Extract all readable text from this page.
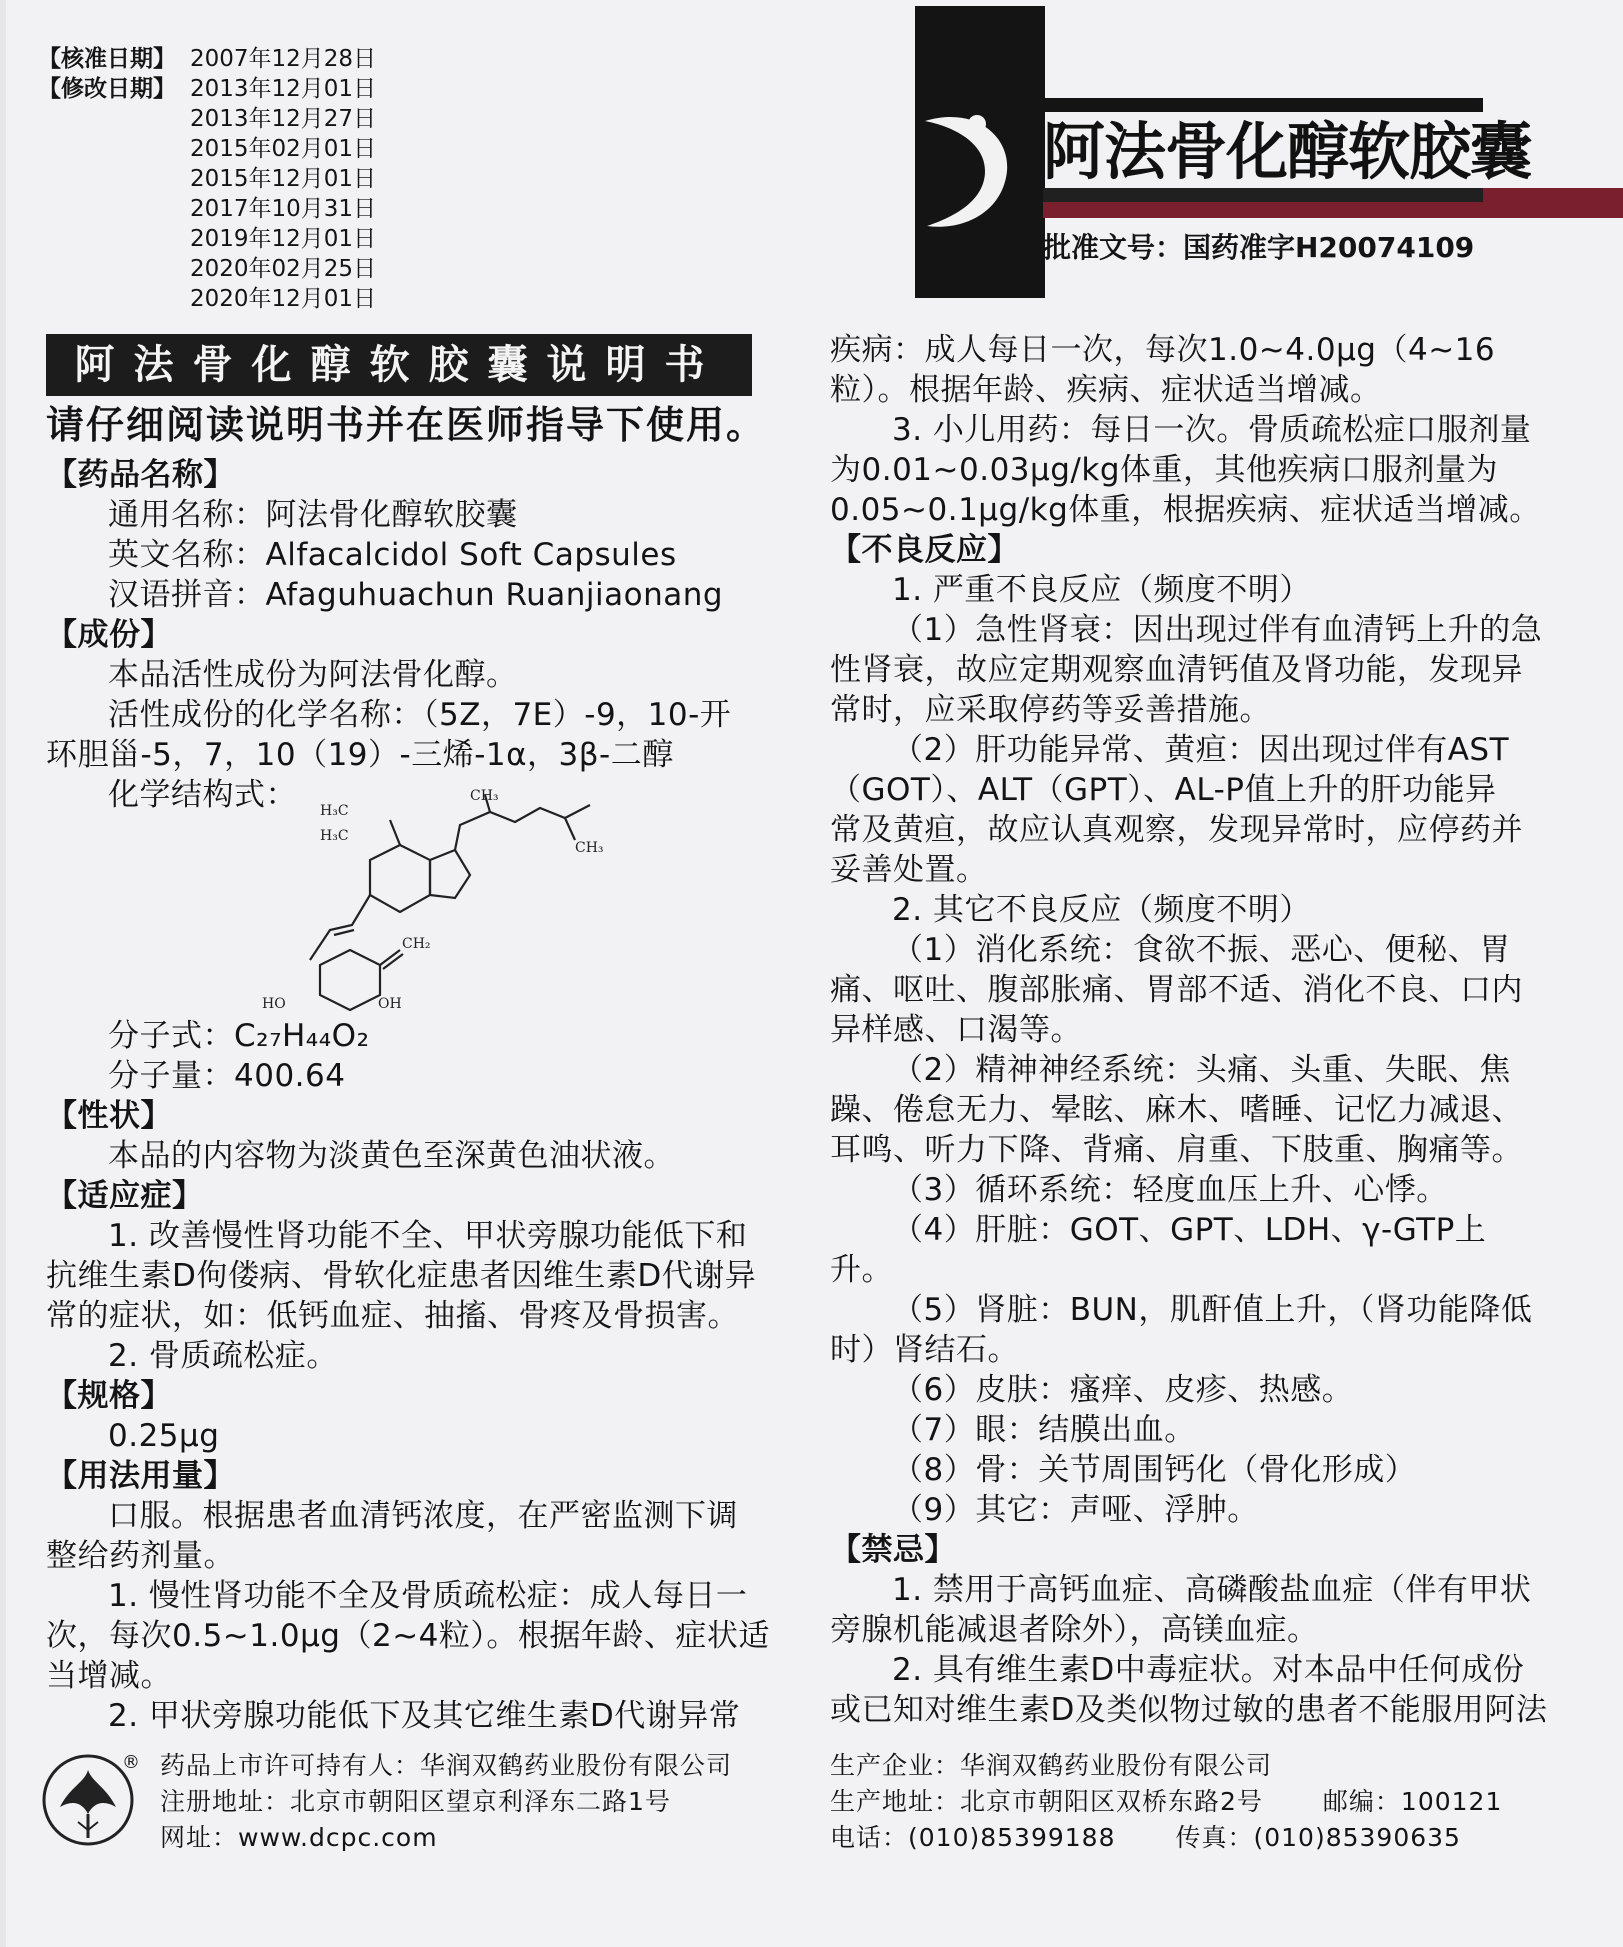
【核准日期】 2007年12月28日
【修改日期】 2013年12月01日
2013年12月27日
2015年02月01日
2015年12月01日
2017年10月31日
2019年12月01日
2020年02月25日
2020年12月01日
阿法骨化醇软胶囊
批准文号：国药准字H20074109
阿法骨化醇软胶囊说明书
请仔细阅读说明书并在医师指导下使用。

【药品名称】

通用名称：阿法骨化醇软胶囊

英文名称：Alfacalcidol Soft Capsules

汉语拼音：Afaguhuachun Ruanjiaonang

【成份】

本品活性成份为阿法骨化醇。

活性成份的化学名称：（5Z，7E）-9，10-开

环胆甾-5，7，10（19）-三烯-1α，3β-二醇

化学结构式：	H₃C
H₃C
CH₃
CH₃
CH₂
HO	OH

分子式：C₂₇H₄₄O₂

分子量：400.64

【性状】

本品的内容物为淡黄色至深黄色油状液。

【适应症】

1. 改善慢性肾功能不全、甲状旁腺功能低下和

抗维生素D佝偻病、骨软化症患者因维生素D代谢异

常的症状，如：低钙血症、抽搐、骨疼及骨损害。

2. 骨质疏松症。

【规格】

0.25μg

【用法用量】

口服。根据患者血清钙浓度，在严密监测下调

整给药剂量。

1. 慢性肾功能不全及骨质疏松症：成人每日一

次，每次0.5~1.0μg（2~4粒）。根据年龄、症状适

当增减。

2. 甲状旁腺功能低下及其它维生素D代谢异常

疾病：成人每日一次，每次1.0~4.0μg（4~16

粒）。根据年龄、疾病、症状适当增减。

3. 小儿用药：每日一次。骨质疏松症口服剂量

为0.01~0.03μg/kg体重，其他疾病口服剂量为

0.05~0.1μg/kg体重，根据疾病、症状适当增减。

【不良反应】

1. 严重不良反应（频度不明）

（1）急性肾衰：因出现过伴有血清钙上升的急

性肾衰，故应定期观察血清钙值及肾功能，发现异

常时，应采取停药等妥善措施。

（2）肝功能异常、黄疸：因出现过伴有AST

（GOT）、ALT（GPT）、AL-P值上升的肝功能异

常及黄疸，故应认真观察，发现异常时，应停药并

妥善处置。

2. 其它不良反应（频度不明）

（1）消化系统：食欲不振、恶心、便秘、胃

痛、呕吐、腹部胀痛、胃部不适、消化不良、口内

异样感、口渴等。

（2）精神神经系统：头痛、头重、失眠、焦

躁、倦怠无力、晕眩、麻木、嗜睡、记忆力减退、

耳鸣、听力下降、背痛、肩重、下肢重、胸痛等。

（3）循环系统：轻度血压上升、心悸。

（4）肝脏：GOT、GPT、LDH、γ-GTP上

升。

（5）肾脏：BUN，肌酐值上升，（肾功能降低

时）肾结石。

（6）皮肤：瘙痒、皮疹、热感。

（7）眼：结膜出血。

（8）骨：关节周围钙化（骨化形成）

（9）其它：声哑、浮肿。

【禁忌】

1. 禁用于高钙血症、高磷酸盐血症（伴有甲状

旁腺机能减退者除外），高镁血症。

2. 具有维生素D中毒症状。对本品中任何成份

或已知对维生素D及类似物过敏的患者不能服用阿法

® 药品上市许可持有人：华润双鹤药业股份有限公司

注册地址：北京市朝阳区望京利泽东二路1号

网址：www.dcpc.com

生产企业：华润双鹤药业股份有限公司

生产地址：北京市朝阳区双桥东路2号 邮编：100121

电话：(010)85399188 传真：(010)85390635
